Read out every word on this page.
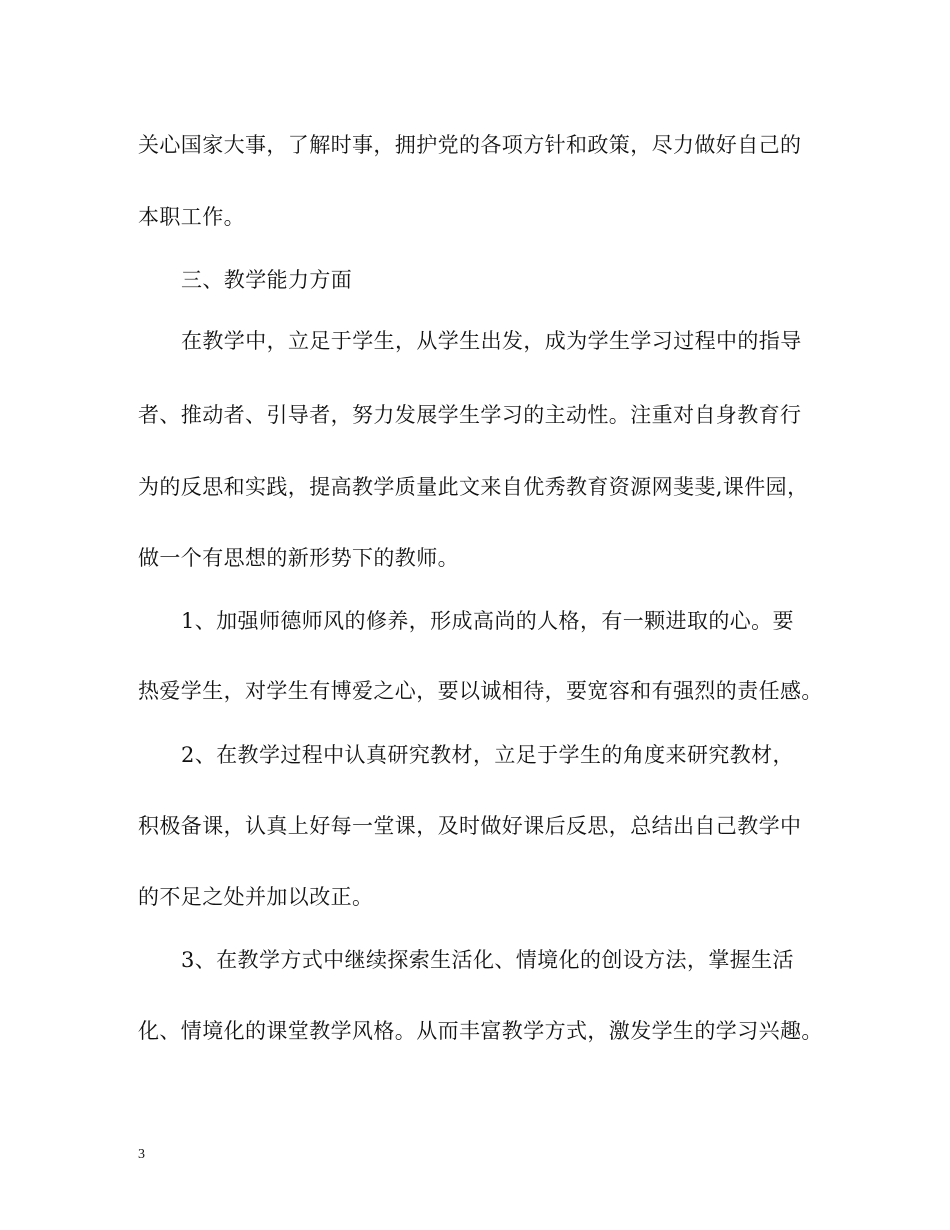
关心国家大事，了解时事，拥护党的各项方针和政策，尽力做好自己的
本职工作。
三、教学能力方面
在教学中，立足于学生，从学生出发，成为学生学习过程中的指导
者、推动者、引导者，努力发展学生学习的主动性。注重对自身教育行
为的反思和实践，提高教学质量此文来自优秀教育资源网斐斐,课件园，
做一个有思想的新形势下的教师。
1、加强师德师风的修养，形成高尚的人格，有一颗进取的心。要
热爱学生，对学生有博爱之心，要以诚相待，要宽容和有强烈的责任感。
2、在教学过程中认真研究教材，立足于学生的角度来研究教材，
积极备课，认真上好每一堂课，及时做好课后反思，总结出自己教学中
的不足之处并加以改正。
3、在教学方式中继续探索生活化、情境化的创设方法，掌握生活
化、情境化的课堂教学风格。从而丰富教学方式，激发学生的学习兴趣。
3
